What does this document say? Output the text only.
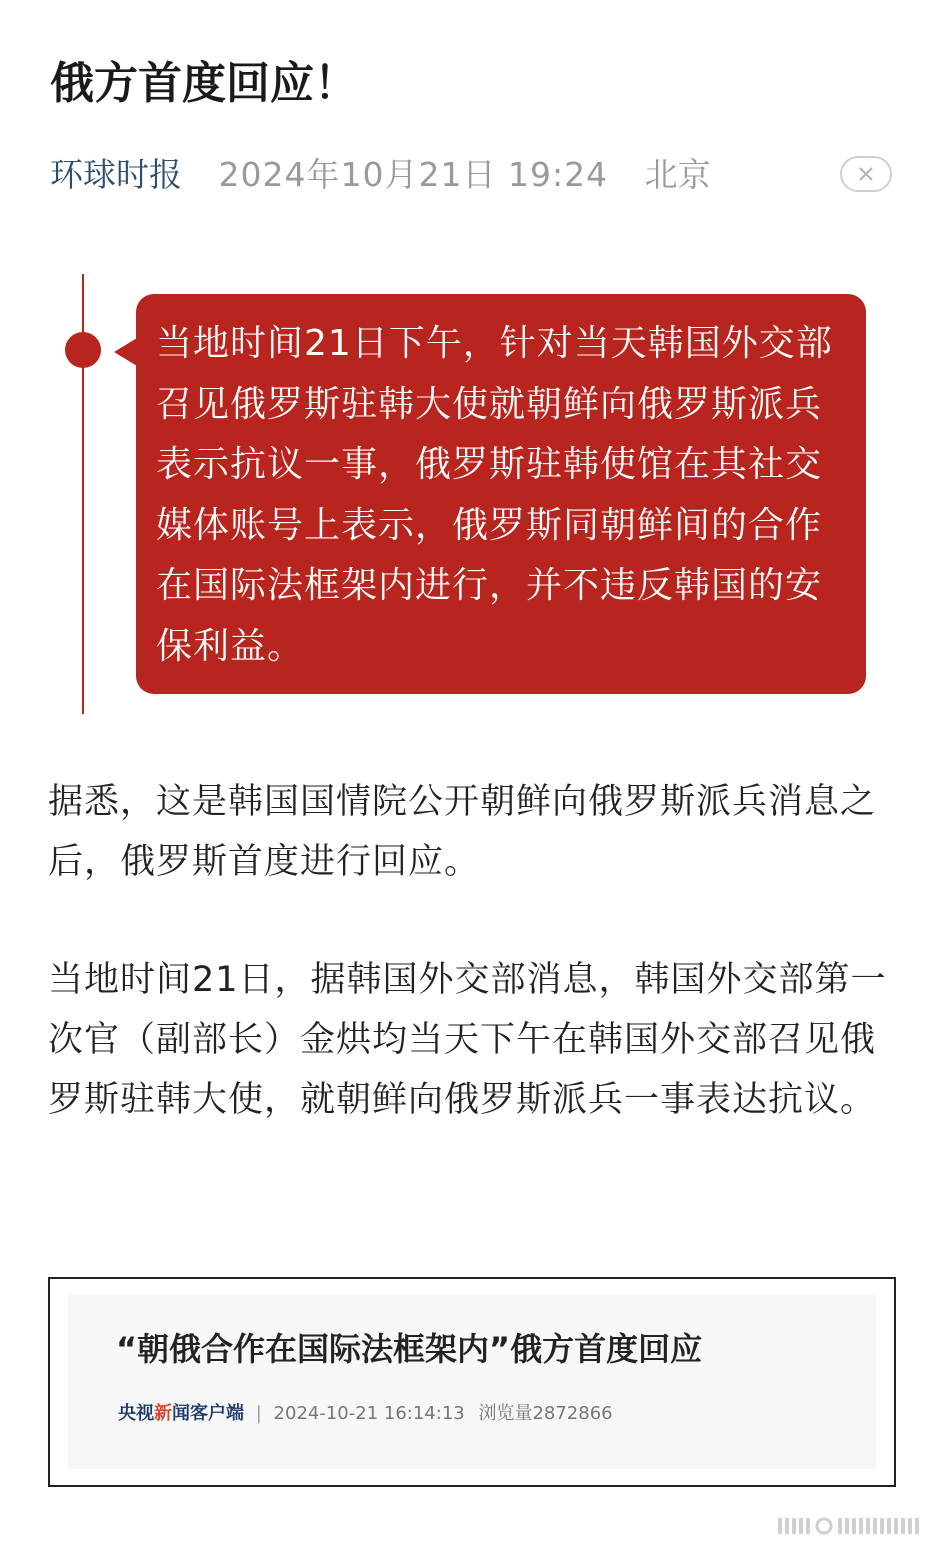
俄方首度回应！
环球时报 2024年10月21日 19:24 北京
当地时间21日下午，针对当天韩国外交部召见俄罗斯驻韩大使就朝鲜向俄罗斯派兵表示抗议一事，俄罗斯驻韩使馆在其社交媒体账号上表示，俄罗斯同朝鲜间的合作在国际法框架内进行，并不违反韩国的安保利益。

据悉，这是韩国国情院公开朝鲜向俄罗斯派兵消息之后，俄罗斯首度进行回应。

当地时间21日，据韩国外交部消息，韩国外交部第一次官（副部长）金烘均当天下午在韩国外交部召见俄罗斯驻韩大使，就朝鲜向俄罗斯派兵一事表达抗议。

“朝俄合作在国际法框架内”俄方首度回应
央视新闻客户端 | 2024-10-21 16:14:13 浏览量2872866
